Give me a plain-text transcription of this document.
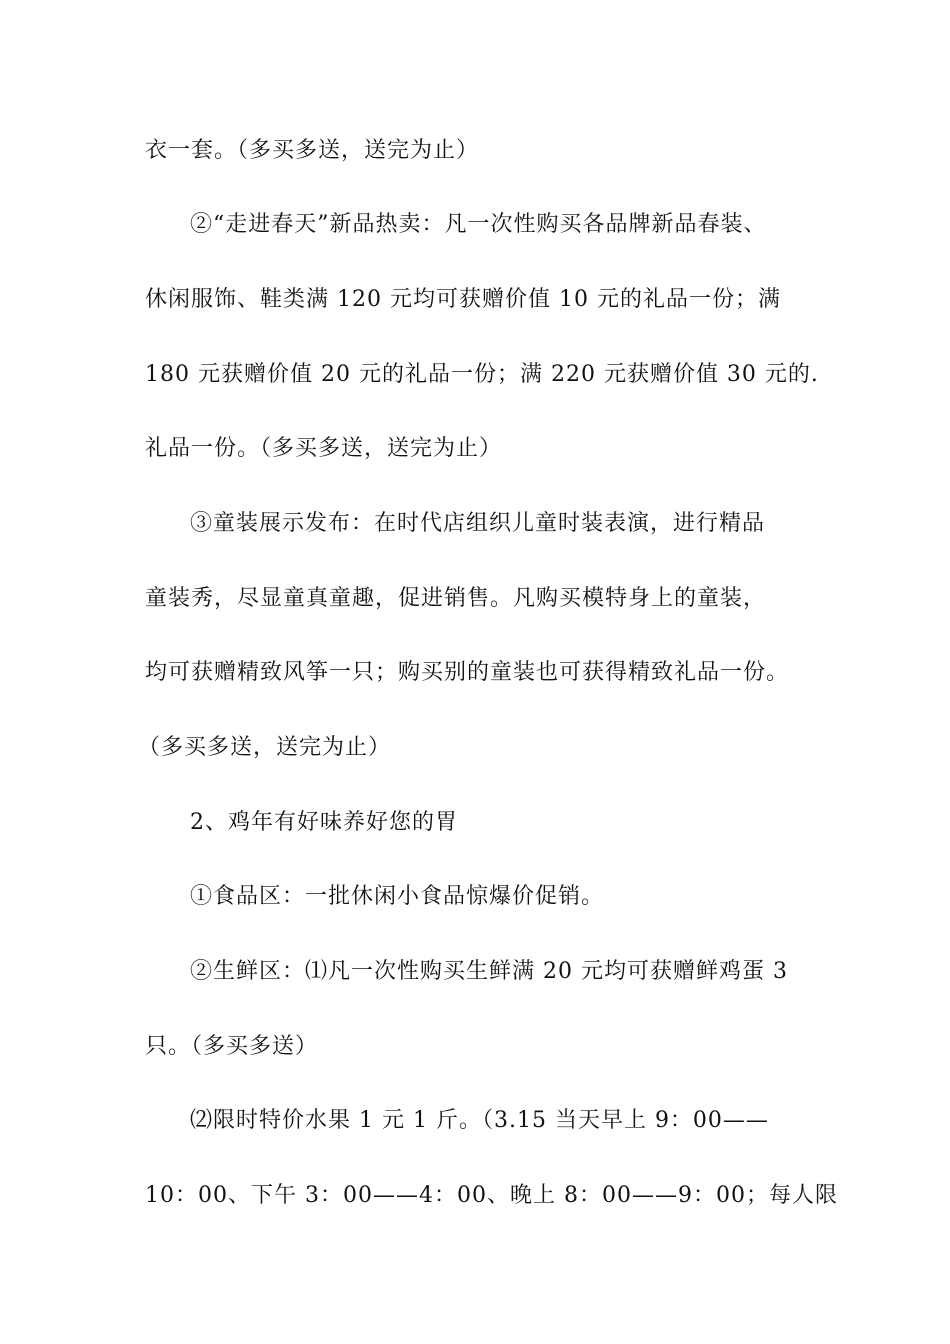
衣一套。（多买多送，送完为止）
②“走进春天”新品热卖：凡一次性购买各品牌新品春装、
休闲服饰、鞋类满 120 元均可获赠价值 10 元的礼品一份；满
180 元获赠价值 20 元的礼品一份；满 220 元获赠价值 30 元的.
礼品一份。（多买多送，送完为止）
③童装展示发布：在时代店组织儿童时装表演，进行精品
童装秀，尽显童真童趣，促进销售。凡购买模特身上的童装，
均可获赠精致风筝一只；购买别的童装也可获得精致礼品一份。
（多买多送，送完为止）
2、鸡年有好味养好您的胃
①食品区：一批休闲小食品惊爆价促销。
②生鲜区：⑴凡一次性购买生鲜满 20 元均可获赠鲜鸡蛋 3
只。（多买多送）
⑵限时特价水果 1 元 1 斤。（3.15 当天早上 9：00——
10：00、下午 3：00——4：00、晚上 8：00——9：00；每人限
